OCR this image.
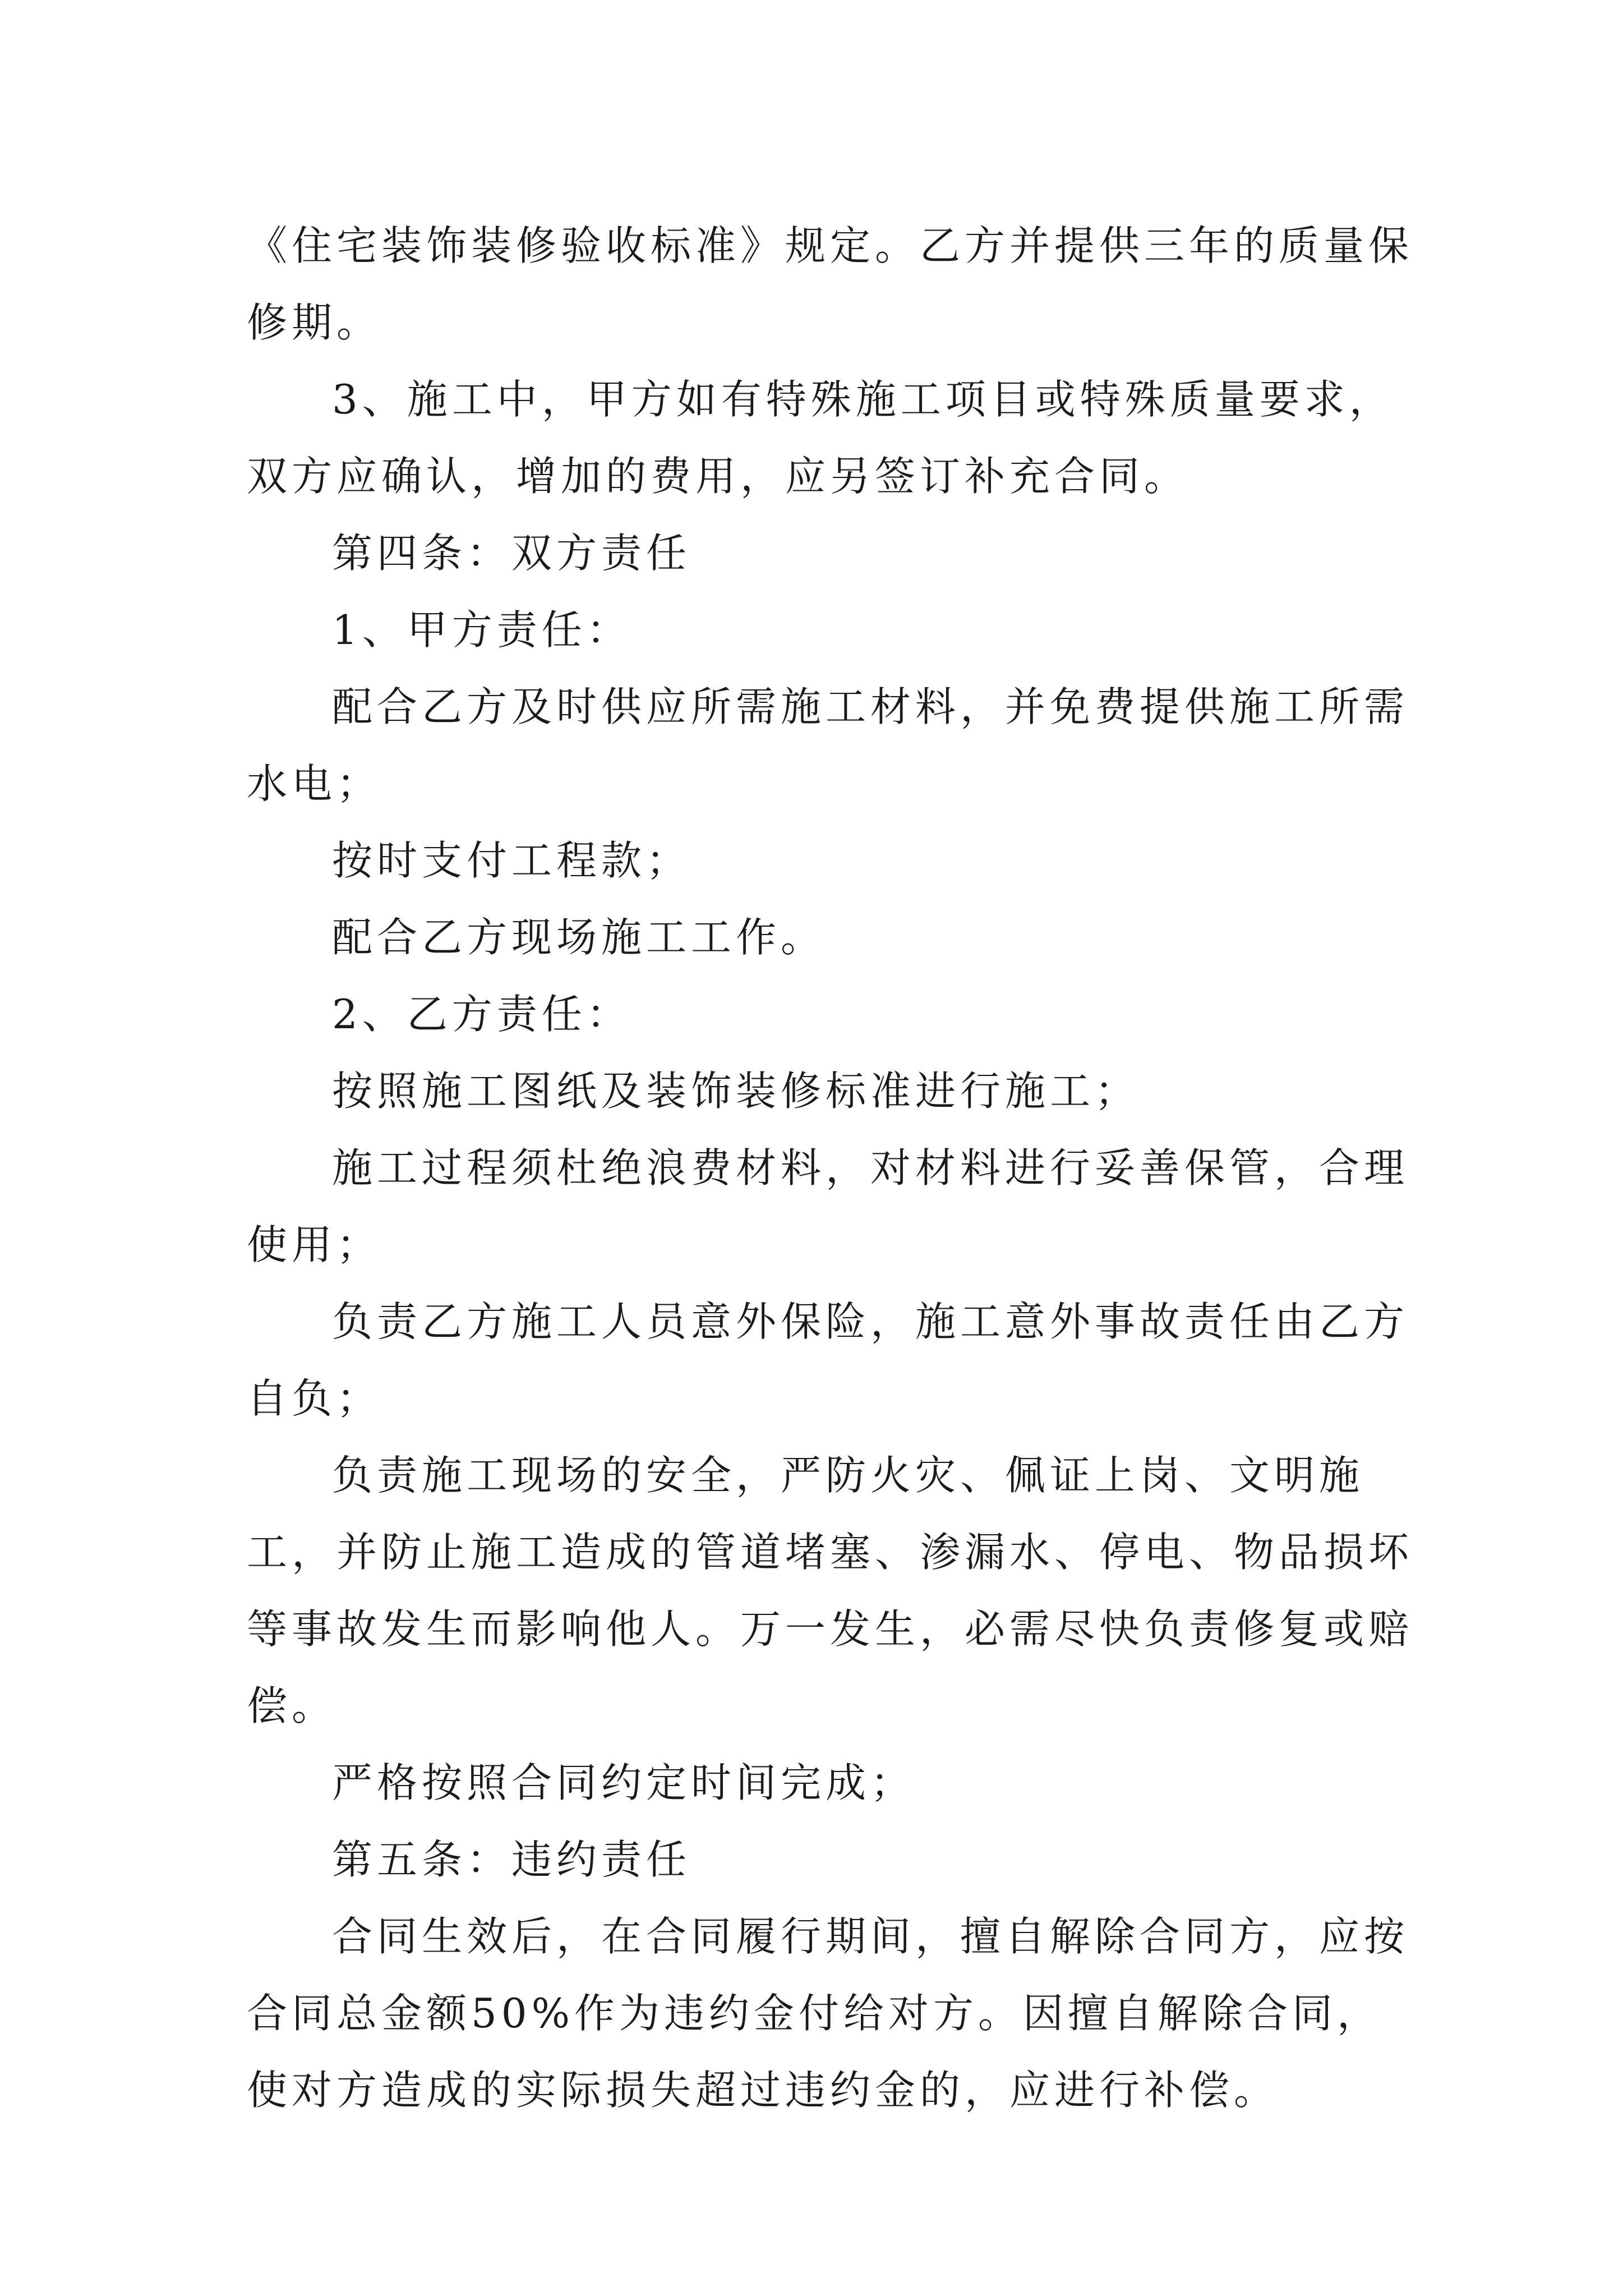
《住宅装饰装修验收标准》规定。乙方并提供三年的质量保修期。

3、施工中，甲方如有特殊施工项目或特殊质量要求，双方应确认，增加的费用，应另签订补充合同。

第四条：双方责任

1、甲方责任：

配合乙方及时供应所需施工材料，并免费提供施工所需水电；

按时支付工程款；

配合乙方现场施工工作。

2、乙方责任：

按照施工图纸及装饰装修标准进行施工；

施工过程须杜绝浪费材料，对材料进行妥善保管，合理使用；

负责乙方施工人员意外保险，施工意外事故责任由乙方自负；

负责施工现场的安全，严防火灾、佩证上岗、文明施工，并防止施工造成的管道堵塞、渗漏水、停电、物品损坏等事故发生而影响他人。万一发生，必需尽快负责修复或赔偿。

严格按照合同约定时间完成；

第五条：违约责任

合同生效后，在合同履行期间，擅自解除合同方，应按合同总金额50%作为违约金付给对方。因擅自解除合同，使对方造成的实际损失超过违约金的，应进行补偿。
